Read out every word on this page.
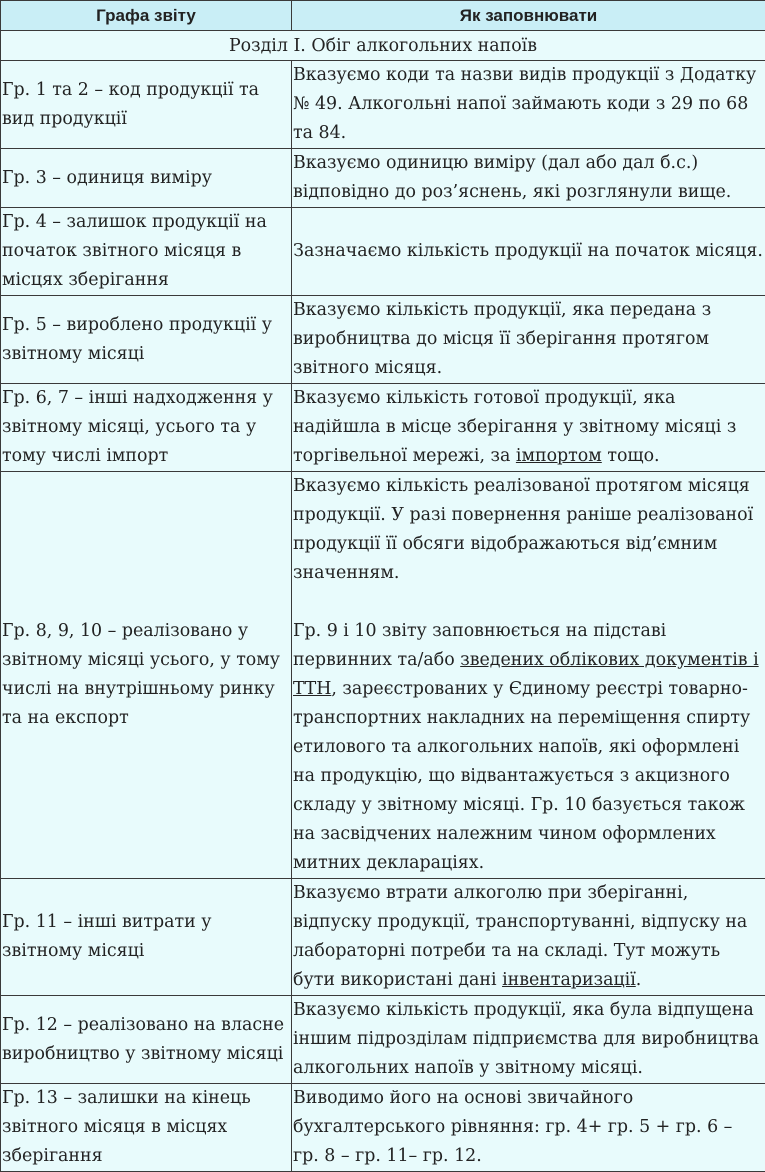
Графа звіту	Як заповнювати
Розділ І. Обіг алкогольних напоїв	
Гр. 1 та 2 – код продукції та вид продукції	Вказуємо коди та назви видів продукції з Додатку № 49. Алкогольні напої займають коди з 29 по 68 та 84.
Гр. 3 – одиниця виміру	Вказуємо одиницю виміру (дал або дал б.с.) відповідно до роз’яснень, які розглянули вище.
Гр. 4 – залишок продукції на початок звітного місяця в місцях зберігання	Зазначаємо кількість продукції на початок місяця.
Гр. 5 – вироблено продукції у звітному місяці	Вказуємо кількість продукції, яка передана з виробництва до місця її зберігання протягом звітного місяця.
Гр. 6, 7 – інші надходження у звітному місяці, усього та у тому числі імпорт	Вказуємо кількість готової продукції, яка надійшла в місце зберігання у звітному місяці з торгівельної мережі, за імпортом тощо.
Гр. 8, 9, 10 – реалізовано у звітному місяці усього, у тому числі на внутрішньому ринку та на експорт	Вказуємо кількість реалізованої протягом місяця продукції. У разі повернення раніше реалізованої продукції її обсяги відображаються від’ємним значенням.
Гр. 9 і 10 звіту заповнюється на підставі первинних та/або зведених облікових документів і ТТН, зареєстрованих у Єдиному реєстрі товарно-транспортних накладних на переміщення спирту етилового та алкогольних напоїв, які оформлені на продукцію, що відвантажується з акцизного складу у звітному місяці. Гр. 10 базується також на засвідчених належним чином оформлених митних деклараціях.
Гр. 11 – інші витрати у звітному місяці	Вказуємо втрати алкоголю при зберіганні, відпуску продукції, транспортуванні, відпуску на лабораторні потреби та на складі. Тут можуть бути використані дані інвентаризації.
Гр. 12 – реалізовано на власне виробництво у звітному місяці	Вказуємо кількість продукції, яка була відпущена іншим підрозділам підприємства для виробництва алкогольних напоїв у звітному місяці.
Гр. 13 – залишки на кінець звітного місяця в місцях зберігання	Виводимо його на основі звичайного бухгалтерського рівняння: гр. 4+ гр. 5 + гр. 6 – гр. 8 – гр. 11– гр. 12.
